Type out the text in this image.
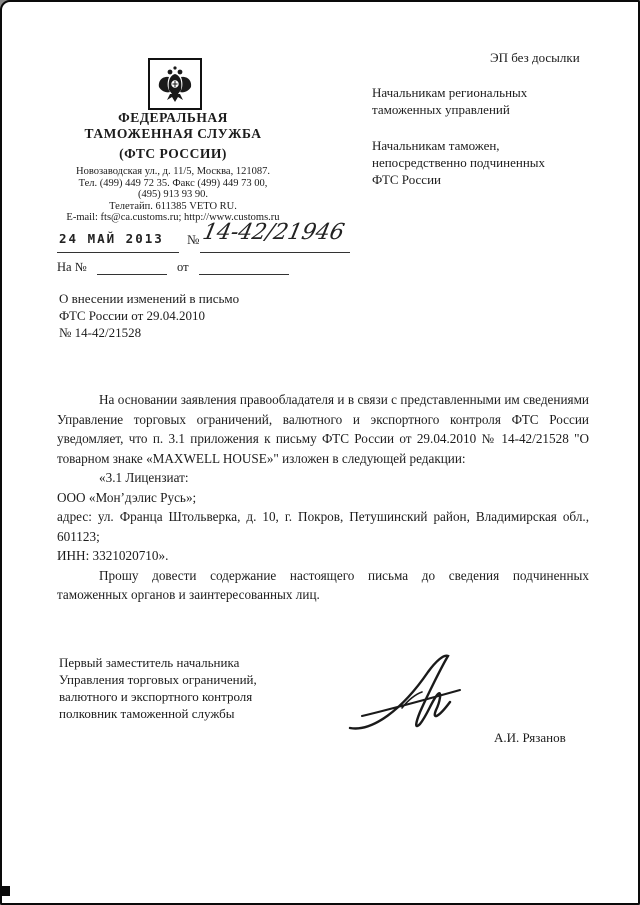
ЭП без досылки
ФЕДЕРАЛЬНАЯ
ТАМОЖЕННАЯ СЛУЖБА
(ФТС РОССИИ)
Новозаводская ул., д. 11/5, Москва, 121087.
Тел. (499) 449 72 35. Факс (499) 449 73 00,
(495) 913 93 90.
Телетайп. 611385 VETO RU.
E-mail: fts@ca.customs.ru; http://www.customs.ru
24 МАЙ 2013 № 14-42/21946
На №	от
Начальникам региональных
таможенных управлений
Начальникам таможен,
непосредственно подчиненных
ФТС России
О внесении изменений в письмо
ФТС России от 29.04.2010
№ 14-42/21528

На основании заявления правообладателя и в связи с представленными им сведениями Управление торговых ограничений, валютного и экспортного контроля ФТС России уведомляет, что п. 3.1 приложения к письму ФТС России от 29.04.2010 № 14-42/21528 "О товарном знаке «MAXWELL HOUSE»" изложен в следующей редакции:

«3.1 Лицензиат:

ООО «Мон’дэлис Русь»;

адрес: ул. Франца Штольверка, д. 10, г. Покров, Петушинский район, Владимирская обл., 601123;

ИНН: 3321020710».

Прошу довести содержание настоящего письма до сведения подчиненных таможенных органов и заинтересованных лиц.

Первый заместитель начальника
Управления торговых ограничений,
валютного и экспортного контроля
полковник таможенной службы
А.И. Рязанов
